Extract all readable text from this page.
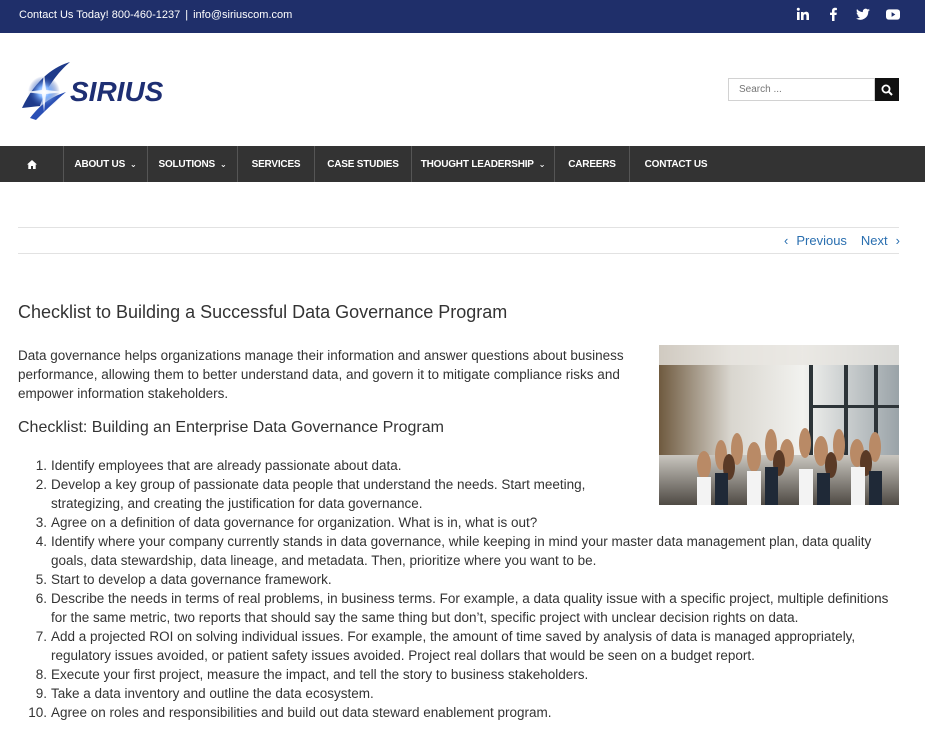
Contact Us Today! 800-460-1237 | info@siriuscom.com
SIRIUS
Search ...
ABOUT US ⌄ SOLUTIONS ⌄	SERVICES	CASE STUDIES THOUGHT LEADERSHIP ⌄ CAREERS	CONTACT US
‹ Previous Next ›
Checklist to Building a Successful Data Governance Program

Data governance helps organizations manage their information and answer questions about business performance, allowing them to better understand data, and govern it to mitigate compliance risks and empower information stakeholders.

Checklist: Building an Enterprise Data Governance Program
1. Identify employees that are already passionate about data.
2. Develop a key group of passionate data people that understand the needs. Start meeting, strategizing, and creating the justification for data governance.
3. Agree on a definition of data governance for organization. What is in, what is out?
4. Identify where your company currently stands in data governance, while keeping in mind your master data management plan, data quality goals, data stewardship, data lineage, and metadata. Then, prioritize where you want to be.
5. Start to develop a data governance framework.
6. Describe the needs in terms of real problems, in business terms. For example, a data quality issue with a specific project, multiple definitions for the same metric, two reports that should say the same thing but don’t, specific project with unclear decision rights on data.
7. Add a projected ROI on solving individual issues. For example, the amount of time saved by analysis of data is managed appropriately, regulatory issues avoided, or patient safety issues avoided. Project real dollars that would be seen on a budget report.
8. Execute your first project, measure the impact, and tell the story to business stakeholders.
9. Take a data inventory and outline the data ecosystem.
10. Agree on roles and responsibilities and build out data steward enablement program.
